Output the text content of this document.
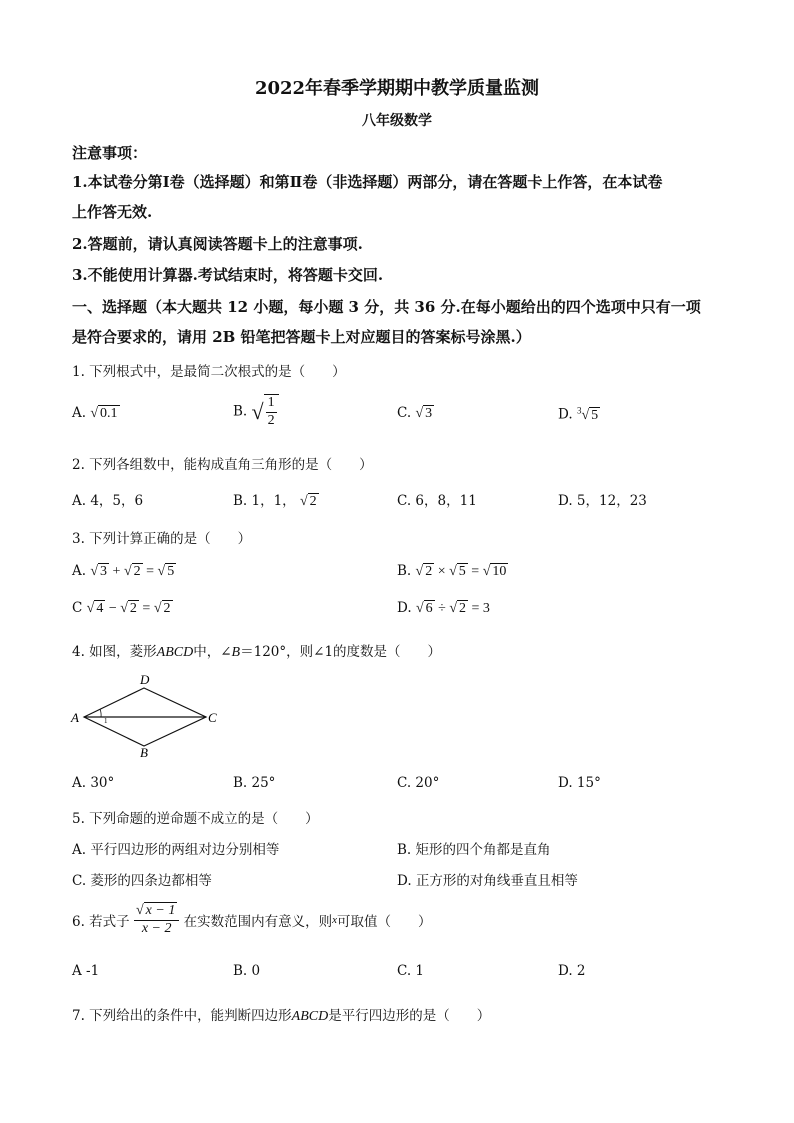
2022年春季学期期中教学质量监测
八年级数学
注意事项：
1.本试卷分第Ⅰ卷（选择题）和第Ⅱ卷（非选择题）两部分，请在答题卡上作答，在本试卷
上作答无效.
2.答题前，请认真阅读答题卡上的注意事项.
3.不能使用计算器.考试结束时，将答题卡交回.
一、选择题（本大题共 12 小题，每小题 3 分，共 36 分.在每小题给出的四个选项中只有一项
是符合要求的，请用 2B 铅笔把答题卡上对应题目的答案标号涂黑.）
1. 下列根式中，是最简二次根式的是（　　）
A. √ 0.1	B. √ $\frac{1}{2}$	C. √ 3	D. $^3$√ 5
2. 下列各组数中，能构成直角三角形的是（　　）
A. 4，5，6	B. 1，1， √ 2	C. 6，8，11	D. 5，12，23
3. 下列计算正确的是（　　）
A. √ 3 + √ 2 = √ 5	B. √ 2 × √ 5 = √ 10
C √ 4 − √ 2 = √ 2	D. √ 6 ÷ √ 2 = 3
4. 如图，菱形ABCD中，∠B＝120°，则∠1的度数是（　　）
A
D
C
B
1
A. 30°	B. 25°	C. 20°	D. 15°
5. 下列命题的逆命题不成立的是（　　）
A. 平行四边形的两组对边分别相等	B. 矩形的四个角都是直角
C. 菱形的四条边都相等	D. 正方形的对角线垂直且相等
6. 若式子 $\frac{√ x - 1}{x - 2}$ 在实数范围内有意义，则x可取值（　　）
A -1	B. 0	C. 1	D. 2
7. 下列给出的条件中，能判断四边形ABCD是平行四边形的是（　　）
